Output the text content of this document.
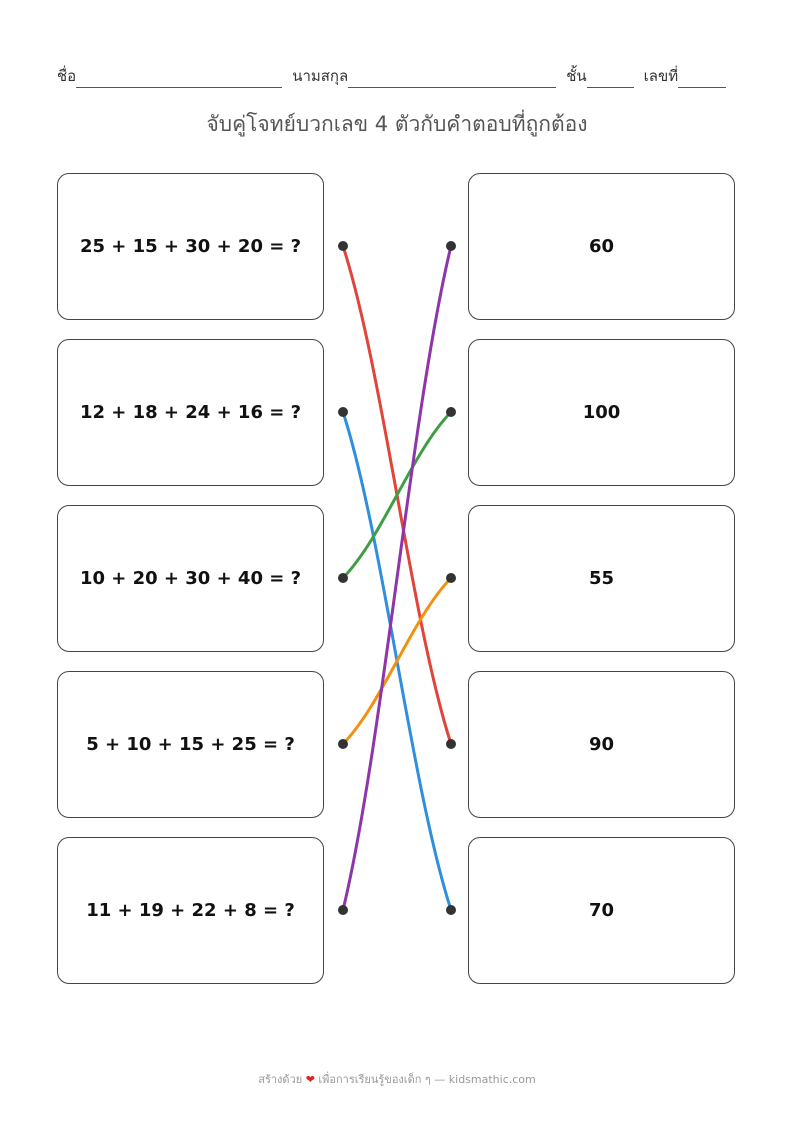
ชื่อ	นามสกุล	ชั้น	เลขที่
จับคู่โจทย์บวกเลข 4 ตัวกับคำตอบที่ถูกต้อง
25 + 15 + 30 + 20 = ?
12 + 18 + 24 + 16 = ?
10 + 20 + 30 + 40 = ?
5 + 10 + 15 + 25 = ?
11 + 19 + 22 + 8 = ?
60
100
55
90
70
สร้างด้วย ❤ เพื่อการเรียนรู้ของเด็ก ๆ — kidsmathic.com
